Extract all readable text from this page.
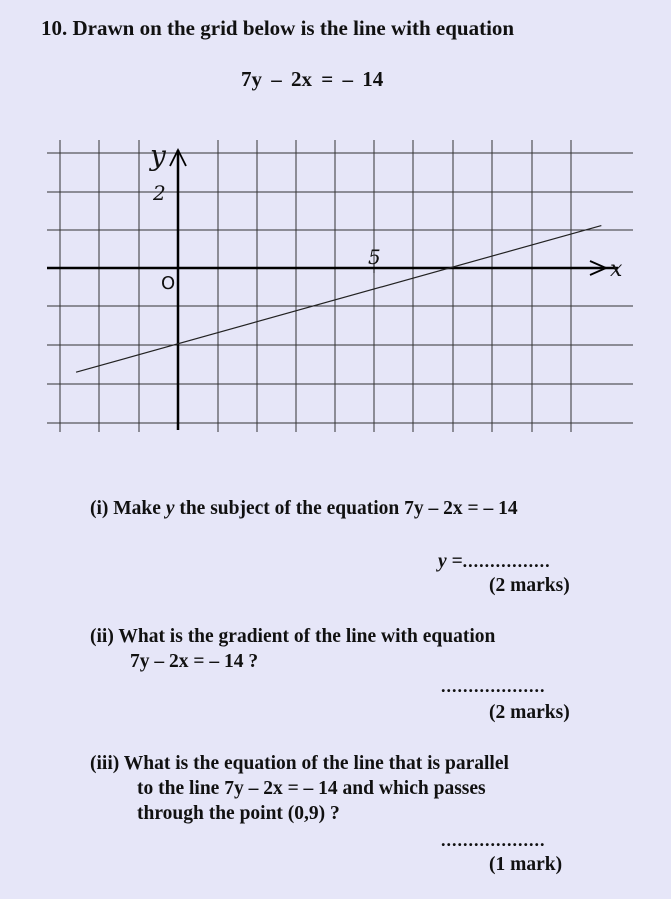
10. Drawn on the grid below is the line with equation
7y – 2x = – 14
y
x
2
5
O
(i) Make y the subject of the equation 7y – 2x = – 14
y =................
(2 marks)
(ii) What is the gradient of the line with equation
7y – 2x = – 14 ?
...................
(2 marks)
(iii) What is the equation of the line that is parallel
to the line 7y – 2x = – 14 and which passes
through the point (0,9) ?
...................
(1 mark)
